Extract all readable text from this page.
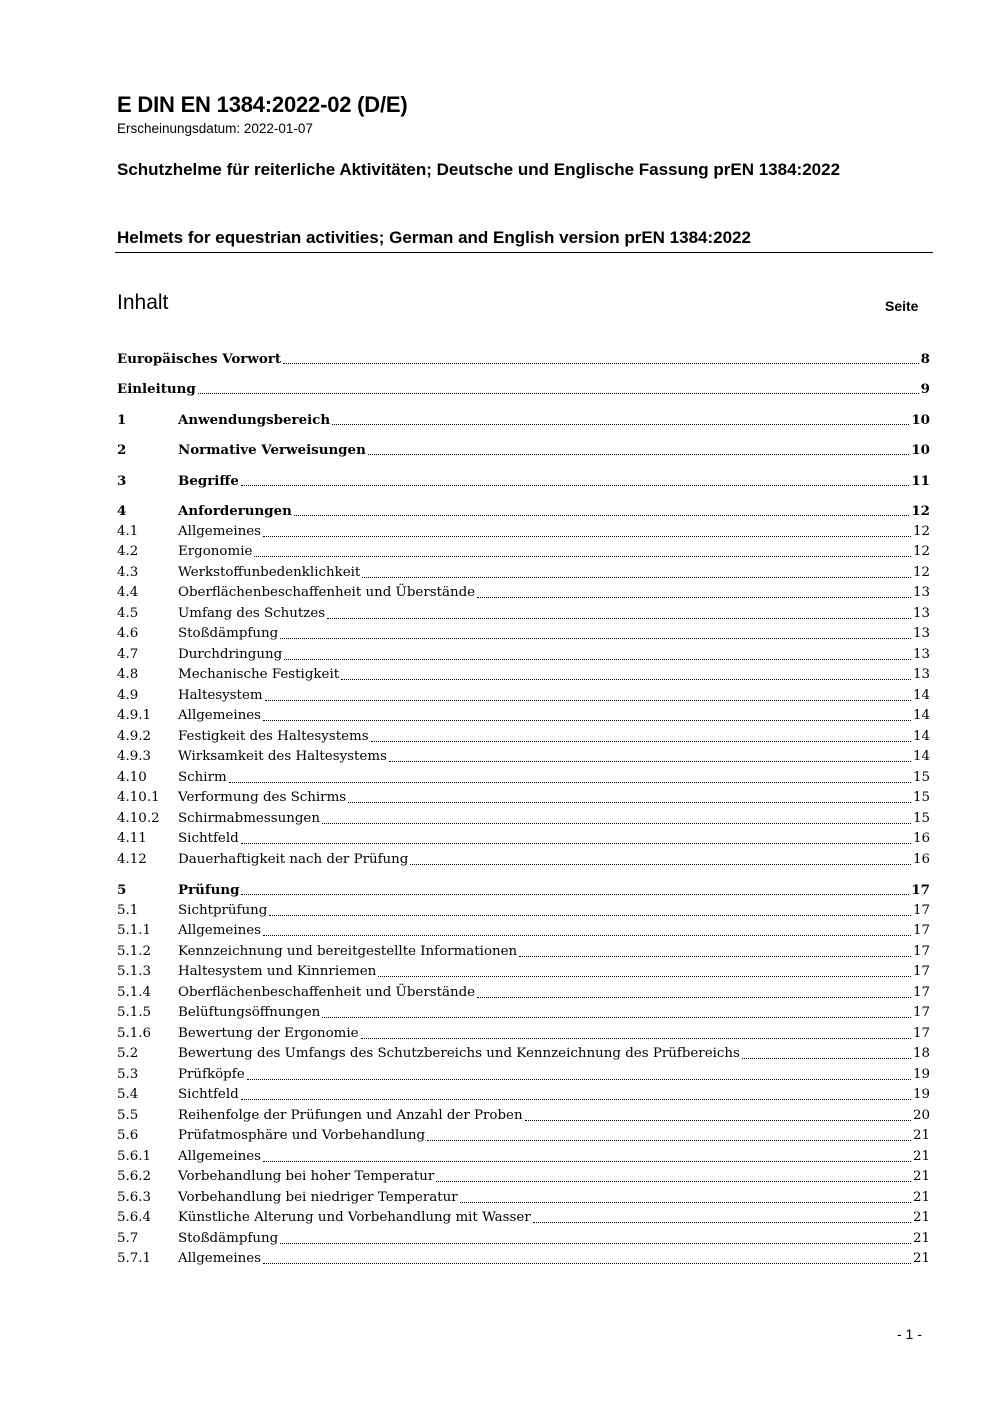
E DIN EN 1384:2022-02 (D/E)
Erscheinungsdatum: 2022-01-07
Schutzhelme für reiterliche Aktivitäten; Deutsche und Englische Fassung prEN 1384:2022
Helmets for equestrian activities; German and English version prEN 1384:2022
Inhalt	Seite
Europäisches Vorwort	8
Einleitung	9
1	Anwendungsbereich	10
2	Normative Verweisungen	10
3	Begriffe	11
4	Anforderungen	12
4.1	Allgemeines	12
4.2	Ergonomie	12
4.3	Werkstoffunbedenklichkeit	12
4.4	Oberflächenbeschaffenheit und Überstände	13
4.5	Umfang des Schutzes	13
4.6	Stoßdämpfung	13
4.7	Durchdringung	13
4.8	Mechanische Festigkeit	13
4.9	Haltesystem	14
4.9.1	Allgemeines	14
4.9.2	Festigkeit des Haltesystems	14
4.9.3	Wirksamkeit des Haltesystems	14
4.10	Schirm	15
4.10.1	Verformung des Schirms	15
4.10.2	Schirmabmessungen	15
4.11	Sichtfeld	16
4.12	Dauerhaftigkeit nach der Prüfung	16
5	Prüfung	17
5.1	Sichtprüfung	17
5.1.1	Allgemeines	17
5.1.2	Kennzeichnung und bereitgestellte Informationen	17
5.1.3	Haltesystem und Kinnriemen	17
5.1.4	Oberflächenbeschaffenheit und Überstände	17
5.1.5	Belüftungsöffnungen	17
5.1.6	Bewertung der Ergonomie	17
5.2	Bewertung des Umfangs des Schutzbereichs und Kennzeichnung des Prüfbereichs	18
5.3	Prüfköpfe	19
5.4	Sichtfeld	19
5.5	Reihenfolge der Prüfungen und Anzahl der Proben	20
5.6	Prüfatmosphäre und Vorbehandlung	21
5.6.1	Allgemeines	21
5.6.2	Vorbehandlung bei hoher Temperatur	21
5.6.3	Vorbehandlung bei niedriger Temperatur	21
5.6.4	Künstliche Alterung und Vorbehandlung mit Wasser	21
5.7	Stoßdämpfung	21
5.7.1	Allgemeines	21
- 1 -
